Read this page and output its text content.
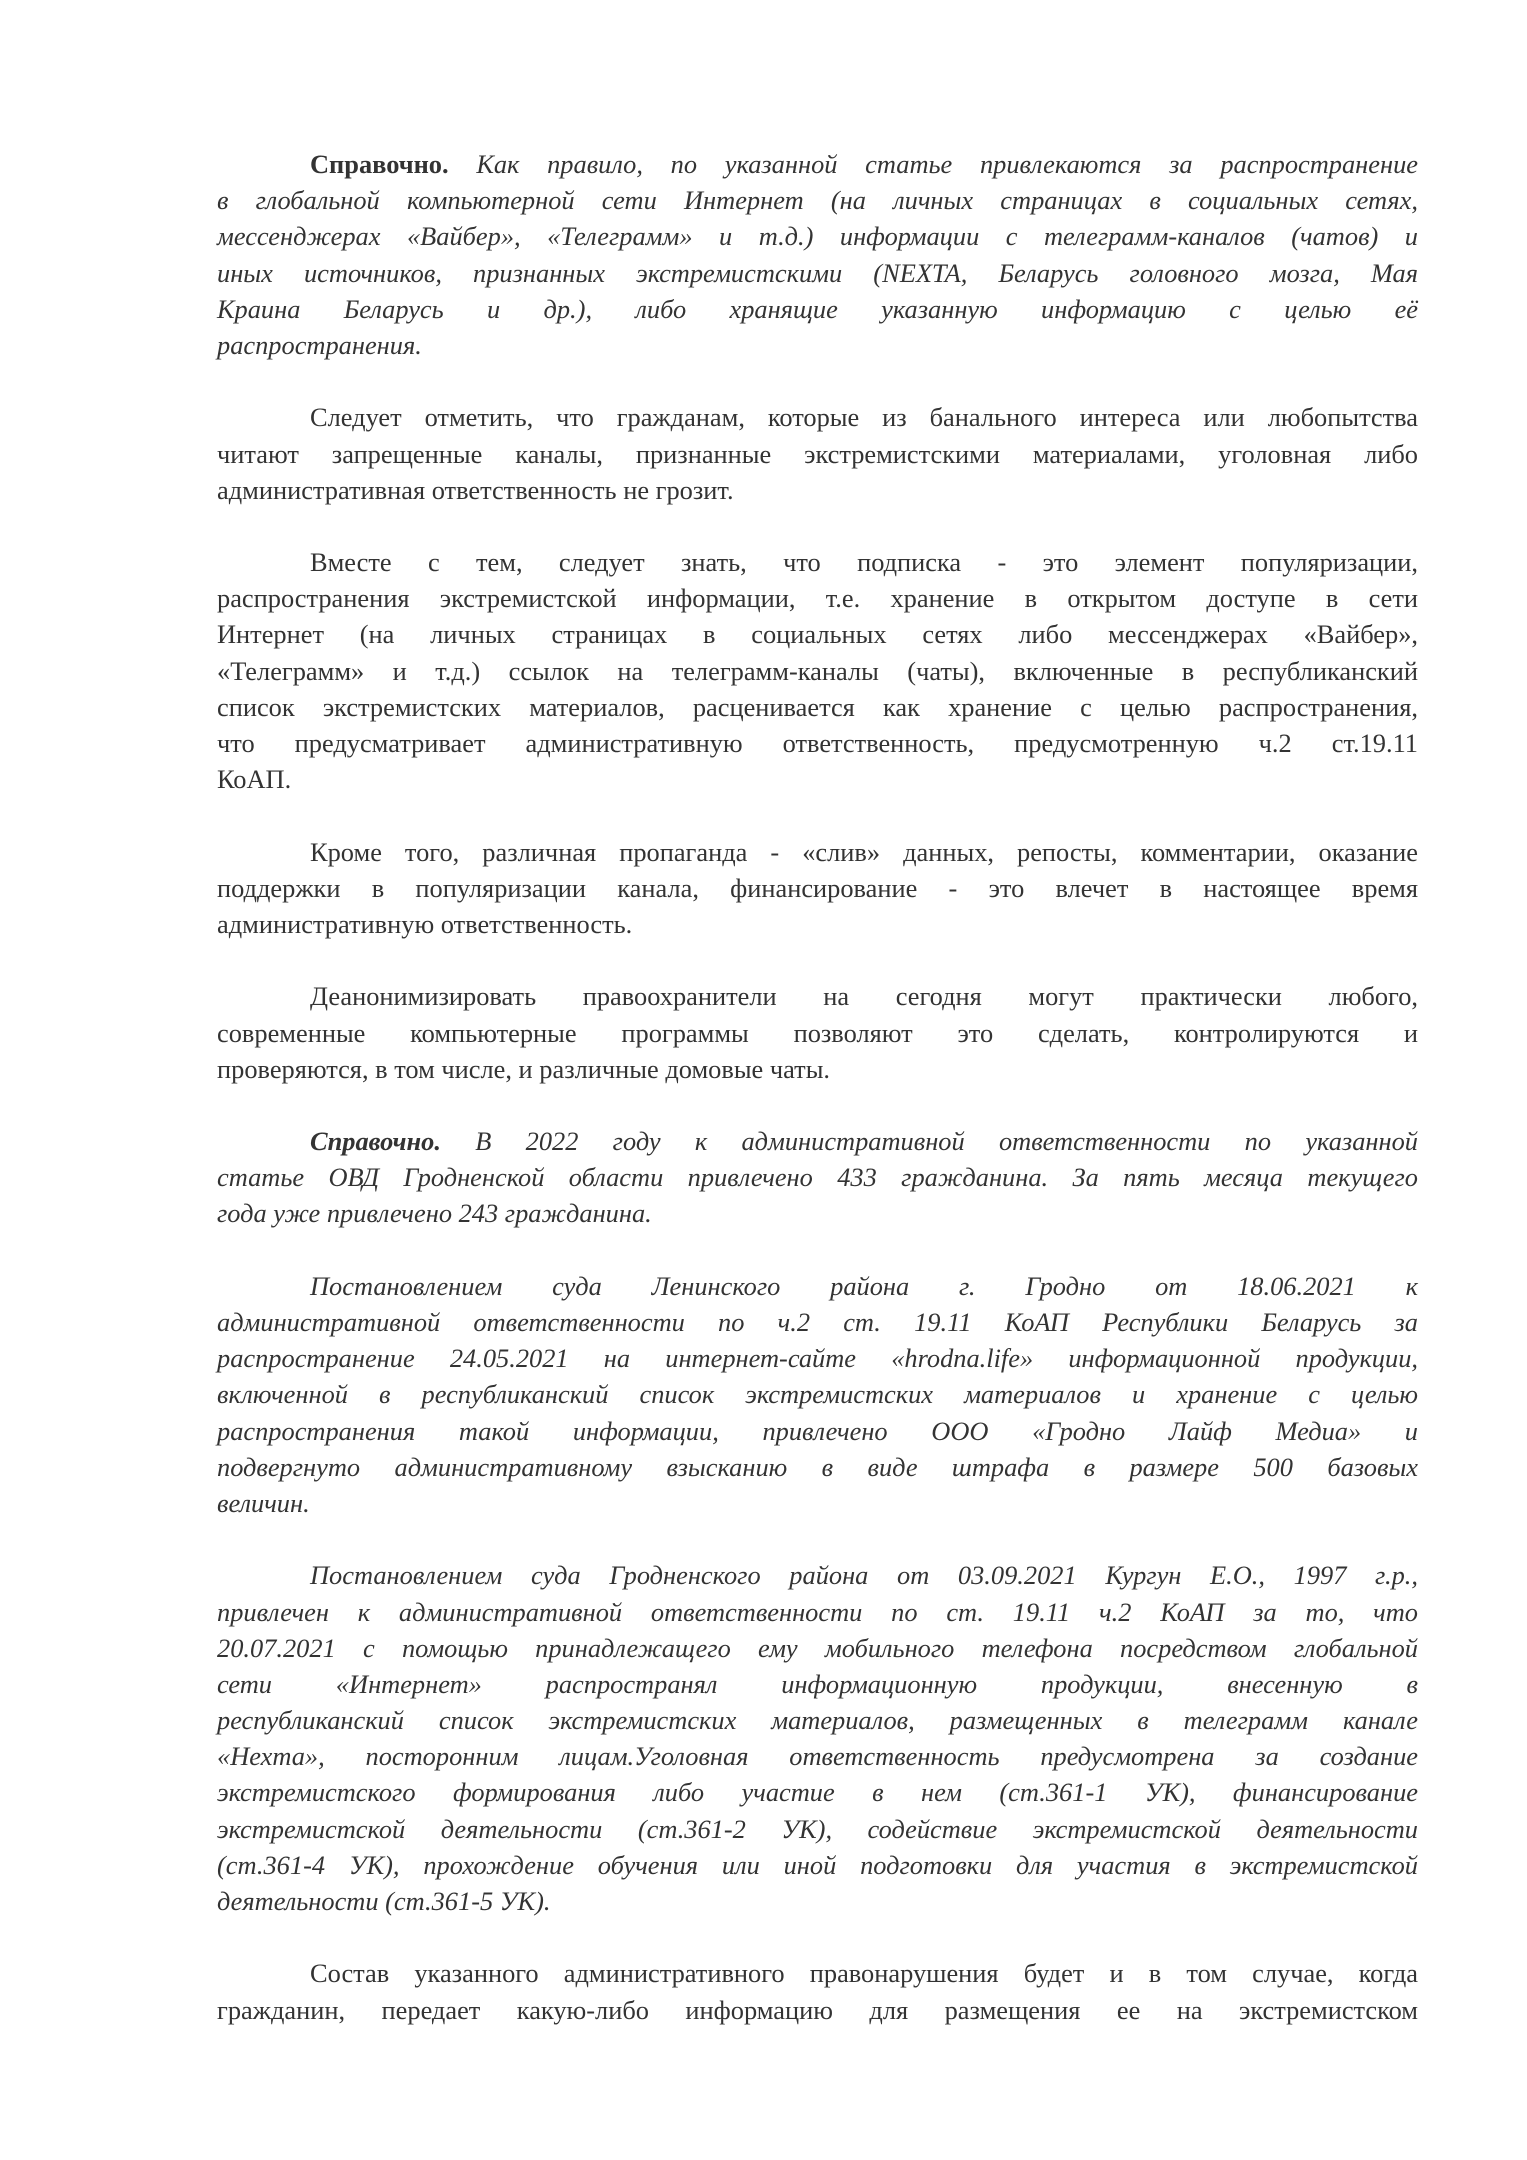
Справочно. Как правило, по указанной статье привлекаются за распространение
в глобальной компьютерной сети Интернет (на личных страницах в социальных сетях,
мессенджерах «Вайбер», «Телеграмм» и т.д.) информации с телеграмм-каналов (чатов) и
иных источников, признанных экстремистскими (NEXTA, Беларусь головного мозга, Мая
Краина Беларусь и др.), либо хранящие указанную информацию с целью её
распространения.
Следует отметить, что гражданам, которые из банального интереса или любопытства
читают запрещенные каналы, признанные экстремистскими материалами, уголовная либо
административная ответственность не грозит.
Вместе с тем, следует знать, что подписка - это элемент популяризации,
распространения экстремистской информации, т.е. хранение в открытом доступе в сети
Интернет (на личных страницах в социальных сетях либо мессенджерах «Вайбер»,
«Телеграмм» и т.д.) ссылок на телеграмм-каналы (чаты), включенные в республиканский
список экстремистских материалов, расценивается как хранение с целью распространения,
что предусматривает административную ответственность, предусмотренную ч.2 ст.19.11
КоАП.
Кроме того, различная пропаганда - «слив» данных, репосты, комментарии, оказание
поддержки в популяризации канала, финансирование - это влечет в настоящее время
административную ответственность.
Деанонимизировать правоохранители на сегодня могут практически любого,
современные компьютерные программы позволяют это сделать, контролируются и
проверяются, в том числе, и различные домовые чаты.
Справочно. В 2022 году к административной ответственности по указанной
статье ОВД Гродненской области привлечено 433 гражданина. За пять месяца текущего
года уже привлечено 243 гражданина.
Постановлением суда Ленинского района г. Гродно от 18.06.2021 к
административной ответственности по ч.2 ст. 19.11 КоАП Республики Беларусь за
распространение 24.05.2021 на интернет-сайте «hrodna.life» информационной продукции,
включенной в республиканский список экстремистских материалов и хранение с целью
распространения такой информации, привлечено ООО «Гродно Лайф Медиа» и
подвергнуто административному взысканию в виде штрафа в размере 500 базовых
величин.
Постановлением суда Гродненского района от 03.09.2021 Кургун Е.О., 1997 г.р.,
привлечен к административной ответственности по ст. 19.11 ч.2 КоАП за то, что
20.07.2021 с помощью принадлежащего ему мобильного телефона посредством глобальной
сети «Интернет» распространял информационную продукции, внесенную в
республиканский список экстремистских материалов, размещенных в телеграмм канале
«Нехта», посторонним лицам.Уголовная ответственность предусмотрена за создание
экстремистского формирования либо участие в нем (ст.361-1 УК), финансирование
экстремистской деятельности (ст.361-2 УК), содействие экстремистской деятельности
(ст.361-4 УК), прохождение обучения или иной подготовки для участия в экстремистской
деятельности (ст.361-5 УК).
Состав указанного административного правонарушения будет и в том случае, когда
гражданин, передает какую-либо информацию для размещения ее на экстремистском
